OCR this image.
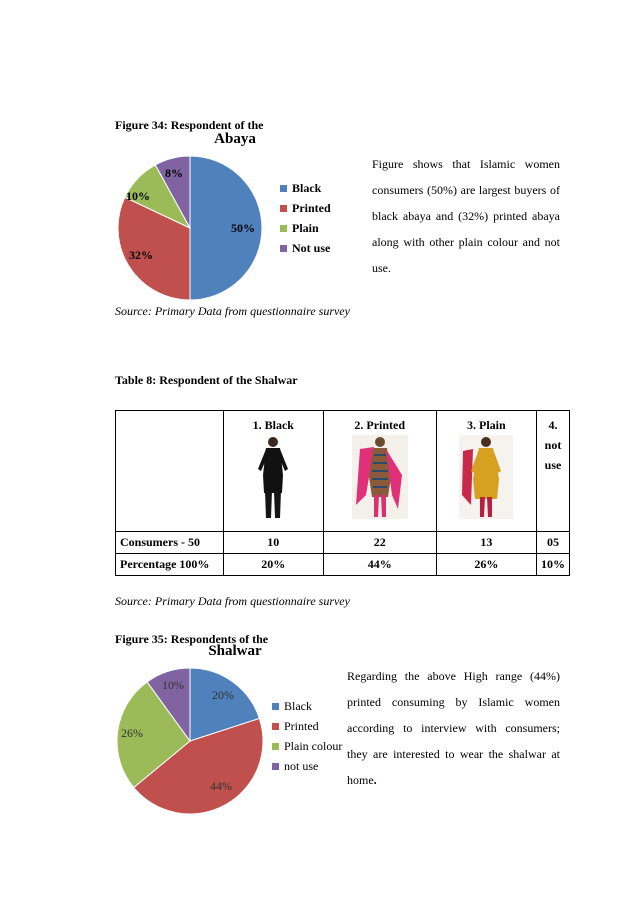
Figure 34: Respondent of the
Abaya
50%
32%
10%
8%
Black
Printed
Plain
Not use
Figure shows that Islamic women consumers (50%) are largest buyers of black abaya and (32%) printed abaya along with other plain colour and not use.
Source: Primary Data from questionnaire survey
Table 8: Respondent of the Shalwar

	1. Black	2. Printed	3. Plain	4. not use

Consumers - 50	10	22	13	05
Percentage 100%	20%	44%	26%	10%
Source: Primary Data from questionnaire survey
Figure 35: Respondents of the
Shalwar
20%
44%
26%
10%
Black
Printed
Plain colour
not use
Regarding the above High range (44%) printed consuming by Islamic women according to interview with consumers; they are interested to wear the shalwar at home.
